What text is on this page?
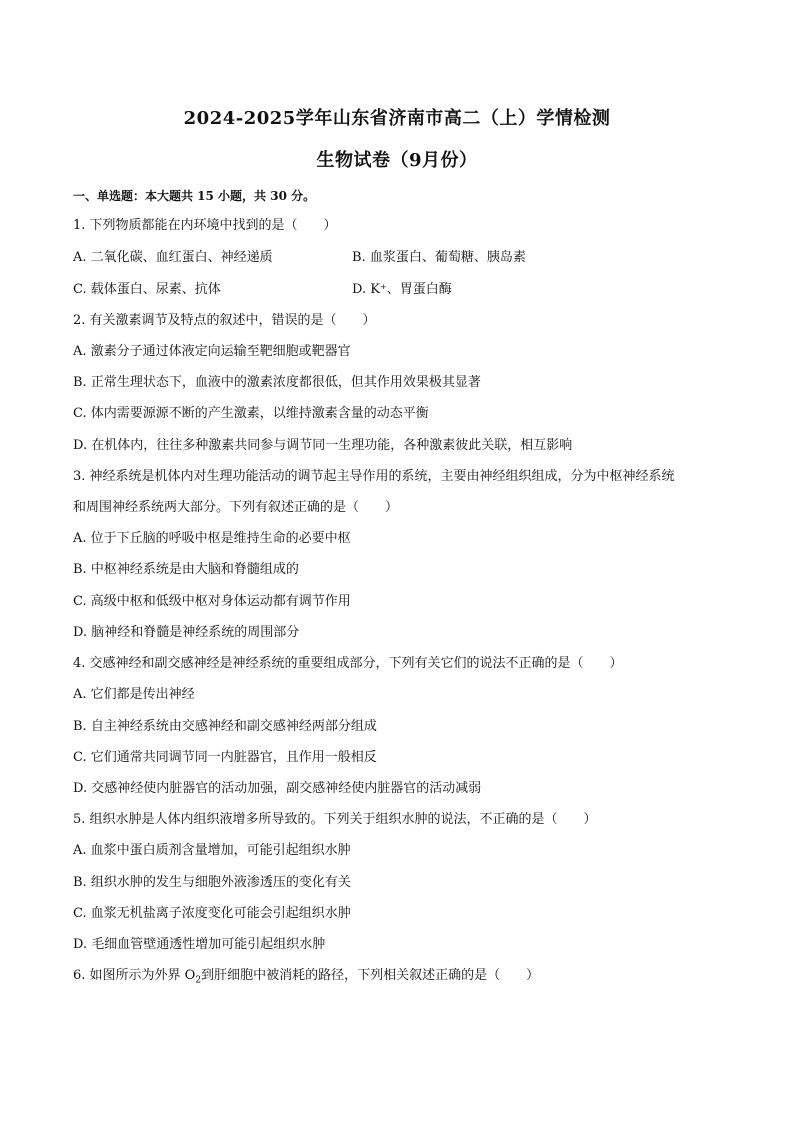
2024-2025学年山东省济南市高二（上）学情检测
生物试卷（9月份）
一、单选题：本大题共 15 小题，共 30 分。
1. 下列物质都能在内环境中找到的是（　　）
A. 二氧化碳、血红蛋白、神经递质	B. 血浆蛋白、葡萄糖、胰岛素
C. 载体蛋白、尿素、抗体	D. K⁺、胃蛋白酶
2. 有关激素调节及特点的叙述中，错误的是（　　）
A. 激素分子通过体液定向运输至靶细胞或靶器官
B. 正常生理状态下，血液中的激素浓度都很低，但其作用效果极其显著
C. 体内需要源源不断的产生激素，以维持激素含量的动态平衡
D. 在机体内，往往多种激素共同参与调节同一生理功能，各种激素彼此关联，相互影响
3. 神经系统是机体内对生理功能活动的调节起主导作用的系统，主要由神经组织组成，分为中枢神经系统
和周围神经系统两大部分。下列有叙述正确的是（　　）
A. 位于下丘脑的呼吸中枢是维持生命的必要中枢
B. 中枢神经系统是由大脑和脊髓组成的
C. 高级中枢和低级中枢对身体运动都有调节作用
D. 脑神经和脊髓是神经系统的周围部分
4. 交感神经和副交感神经是神经系统的重要组成部分，下列有关它们的说法不正确的是（　　）
A. 它们都是传出神经
B. 自主神经系统由交感神经和副交感神经两部分组成
C. 它们通常共同调节同一内脏器官，且作用一般相反
D. 交感神经使内脏器官的活动加强，副交感神经使内脏器官的活动减弱
5. 组织水肿是人体内组织液增多所导致的。下列关于组织水肿的说法，不正确的是（　　）
A. 血浆中蛋白质剂含量增加，可能引起组织水肿
B. 组织水肿的发生与细胞外液渗透压的变化有关
C. 血浆无机盐离子浓度变化可能会引起组织水肿
D. 毛细血管壁通透性增加可能引起组织水肿
6. 如图所示为外界 $O_2$到肝细胞中被消耗的路径，下列相关叙述正确的是（　　）
